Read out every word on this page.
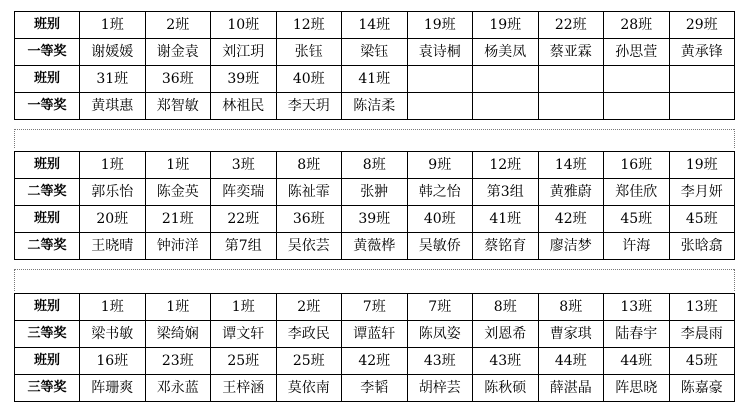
班别	1班	2班	10班	12班	14班	19班	19班	22班	28班	29班
一等奖	谢媛媛	谢金袁	刘江玥	张钰	梁钰	袁诗桐	杨美凤	蔡亚霖	孙思萱	黄承锋
班别	31班	36班	39班	40班	41班					
一等奖	黄琪惠	郑智敏	林祖民	李天玥	陈洁柔					
班别	1班	1班	3班	8班	8班	9班	12班	14班	16班	19班
二等奖	郭乐怡	陈金英	阵奕瑞	陈祉霏	张翀	韩之怡	第3组	黄雅蔚	郑佳欣	李月妍
班别	20班	21班	22班	36班	39班	40班	41班	42班	45班	45班
二等奖	王晓晴	钟沛洋	第7组	吴依芸	黄薇桦	吴敏侨	蔡铭育	廖洁梦	许海	张晗翕
班别	1班	1班	1班	2班	7班	7班	8班	8班	13班	13班
三等奖	梁书敏	梁绮娴	谭文轩	李政民	谭蓝轩	陈凤姿	刘恩希	曹家琪	陆春宇	李晨雨
班别	16班	23班	25班	25班	42班	43班	43班	44班	44班	45班
三等奖	阵珊爽	邓永蓝	王梓涵	莫依南	李韬	胡梓芸	陈秋硕	薛湛晶	阵思晓	陈嘉豪
